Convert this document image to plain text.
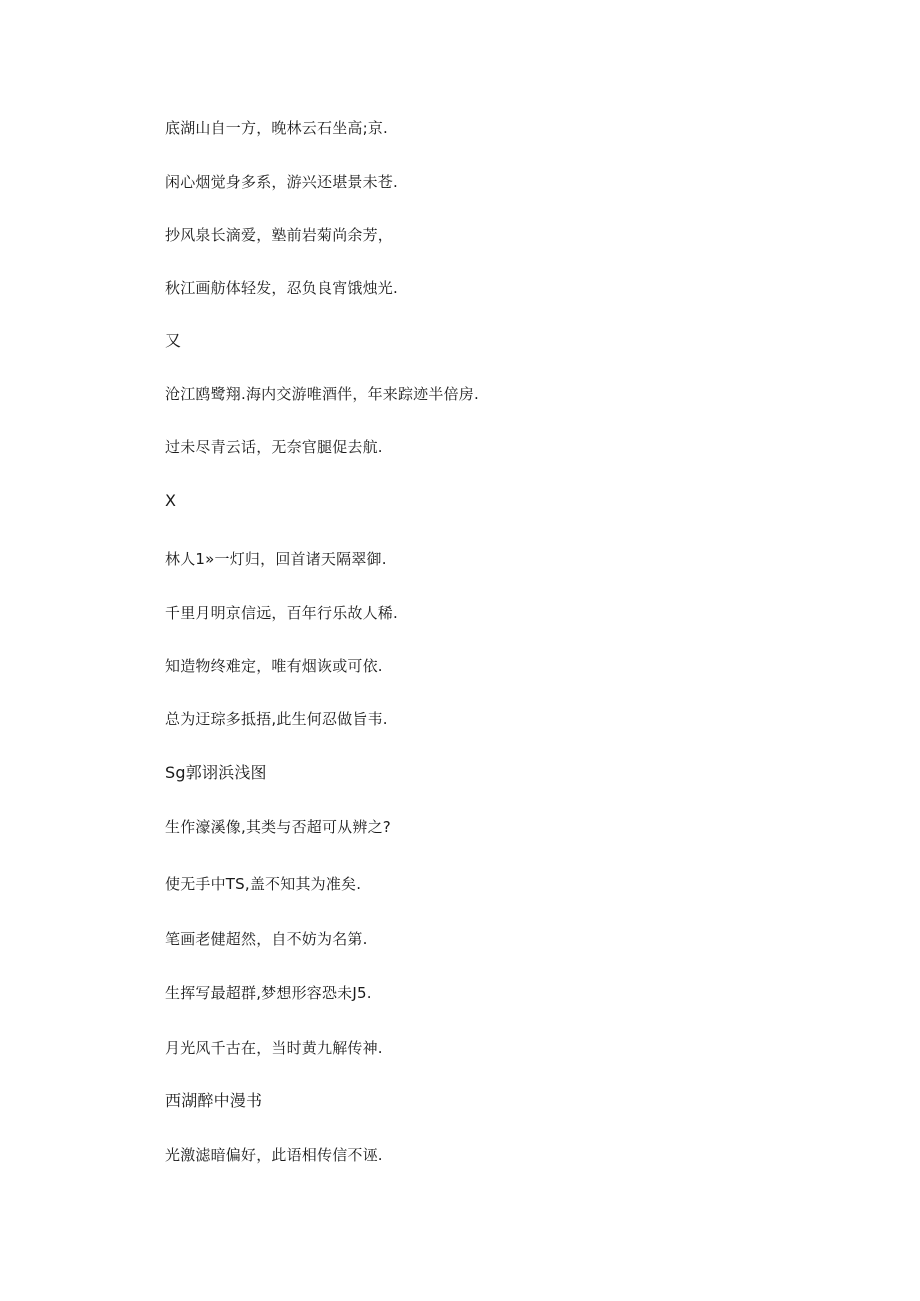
底湖山自一方，晚林云石坐高;京.

闲心烟觉身多系，游兴还堪景未苍.

抄风泉长滴爱，塾前岩菊尚余芳，

秋江画舫体轻发，忍负良宵饿烛光.

又

沧江鸥鹭翔.海内交游唯酒伴，年来踪迹半倍房.

过未尽青云话，无奈官腿促去航.

X

林人1»一灯归，回首诸天隔翠御.

千里月明京信远，百年行乐故人稀.

知造物终难定，唯有烟诙或可依.

总为迂琮多抵捂,此生何忍做旨韦.

Sg郭诩浜浅图

生作濠溪像,其类与否超可从辨之?

使无手中TS,盖不知其为准矣.

笔画老健超然，自不妨为名第.

生挥写最超群,梦想形容恐未J5.

月光风千古在，当时黄九解传神.

西湖醉中漫书

光激滤暗偏好，此语相传信不诬.
